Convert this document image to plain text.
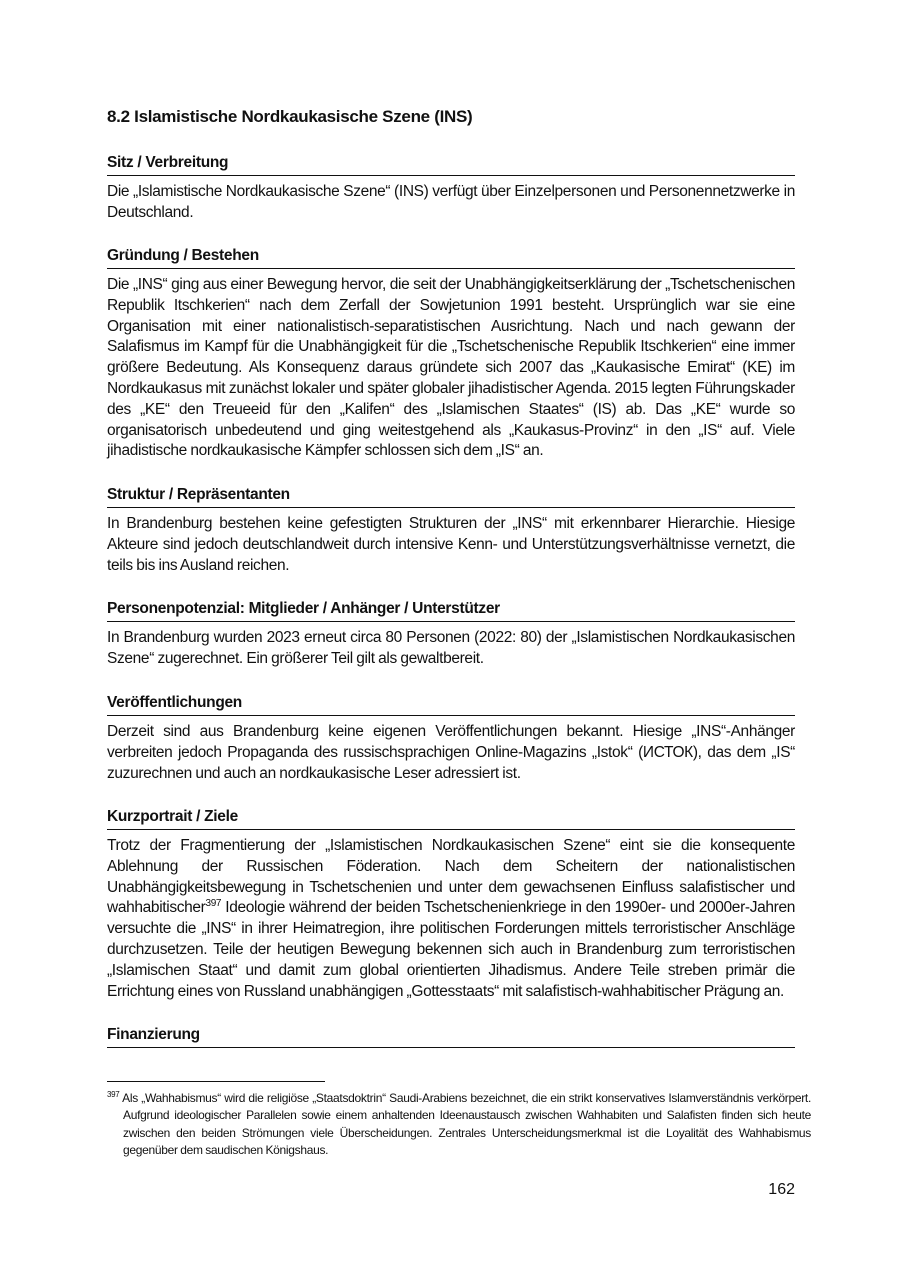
8.2 Islamistische Nordkaukasische Szene (INS)
Sitz / Verbreitung

Die „Islamistische Nordkaukasische Szene“ (INS) verfügt über Einzelpersonen und Personennetzwerke in Deutschland.

Gründung / Bestehen

Die „INS“ ging aus einer Bewegung hervor, die seit der Unabhängigkeitserklärung der „Tschetschenischen Republik Itschkerien“ nach dem Zerfall der Sowjetunion 1991 besteht. Ursprünglich war sie eine Organisation mit einer nationalistisch-separatistischen Ausrichtung. Nach und nach gewann der Salafismus im Kampf für die Unabhängigkeit für die „Tschetschenische Republik Itschkerien“ eine immer größere Bedeutung. Als Konsequenz daraus gründete sich 2007 das „Kaukasische Emirat“ (KE) im Nordkaukasus mit zunächst lokaler und später globaler jihadistischer Agenda. 2015 legten Führungskader des „KE“ den Treueeid für den „Kalifen“ des „Islamischen Staates“ (IS) ab. Das „KE“ wurde so organisatorisch unbedeutend und ging weitestgehend als „Kaukasus-Provinz“ in den „IS“ auf. Viele jihadistische nordkaukasische Kämpfer schlossen sich dem „IS“ an.

Struktur / Repräsentanten

In Brandenburg bestehen keine gefestigten Strukturen der „INS“ mit erkennbarer Hierarchie. Hiesige Akteure sind jedoch deutschlandweit durch intensive Kenn- und Unterstützungsverhältnisse vernetzt, die teils bis ins Ausland reichen.

Personenpotenzial: Mitglieder / Anhänger / Unterstützer

In Brandenburg wurden 2023 erneut circa 80 Personen (2022: 80) der „Islamistischen Nordkaukasischen Szene“ zugerechnet. Ein größerer Teil gilt als gewaltbereit.

Veröffentlichungen

Derzeit sind aus Brandenburg keine eigenen Veröffentlichungen bekannt. Hiesige „INS“-Anhänger verbreiten jedoch Propaganda des russischsprachigen Online-Magazins „Istok“ (ИСТОК), das dem „IS“ zuzurechnen und auch an nordkaukasische Leser adressiert ist.

Kurzportrait / Ziele

Trotz der Fragmentierung der „Islamistischen Nordkaukasischen Szene“ eint sie die konsequente Ablehnung der Russischen Föderation. Nach dem Scheitern der nationalistischen Unabhängigkeitsbewegung in Tschetschenien und unter dem gewachsenen Einfluss salafistischer und wahhabitischer$^{397}$ Ideologie während der beiden Tschetschenienkriege in den 1990er- und 2000er-Jahren versuchte die „INS“ in ihrer Heimatregion, ihre politischen Forderungen mittels terroristischer Anschläge durchzusetzen. Teile der heutigen Bewegung bekennen sich auch in Brandenburg zum terroristischen „Islamischen Staat“ und damit zum global orientierten Jihadismus. Andere Teile streben primär die Errichtung eines von Russland unabhängigen „Gottesstaats“ mit salafistisch-wahhabitischer Prägung an.

Finanzierung

$^{397}$ Als „Wahhabismus“ wird die religiöse „Staatsdoktrin“ Saudi-Arabiens bezeichnet, die ein strikt konservatives Islamverständnis verkörpert. Aufgrund ideologischer Parallelen sowie einem anhaltenden Ideenaustausch zwischen Wahhabiten und Salafisten finden sich heute zwischen den beiden Strömungen viele Überscheidungen. Zentrales Unterscheidungsmerkmal ist die Loyalität des Wahhabismus gegenüber dem saudischen Königshaus.

162
